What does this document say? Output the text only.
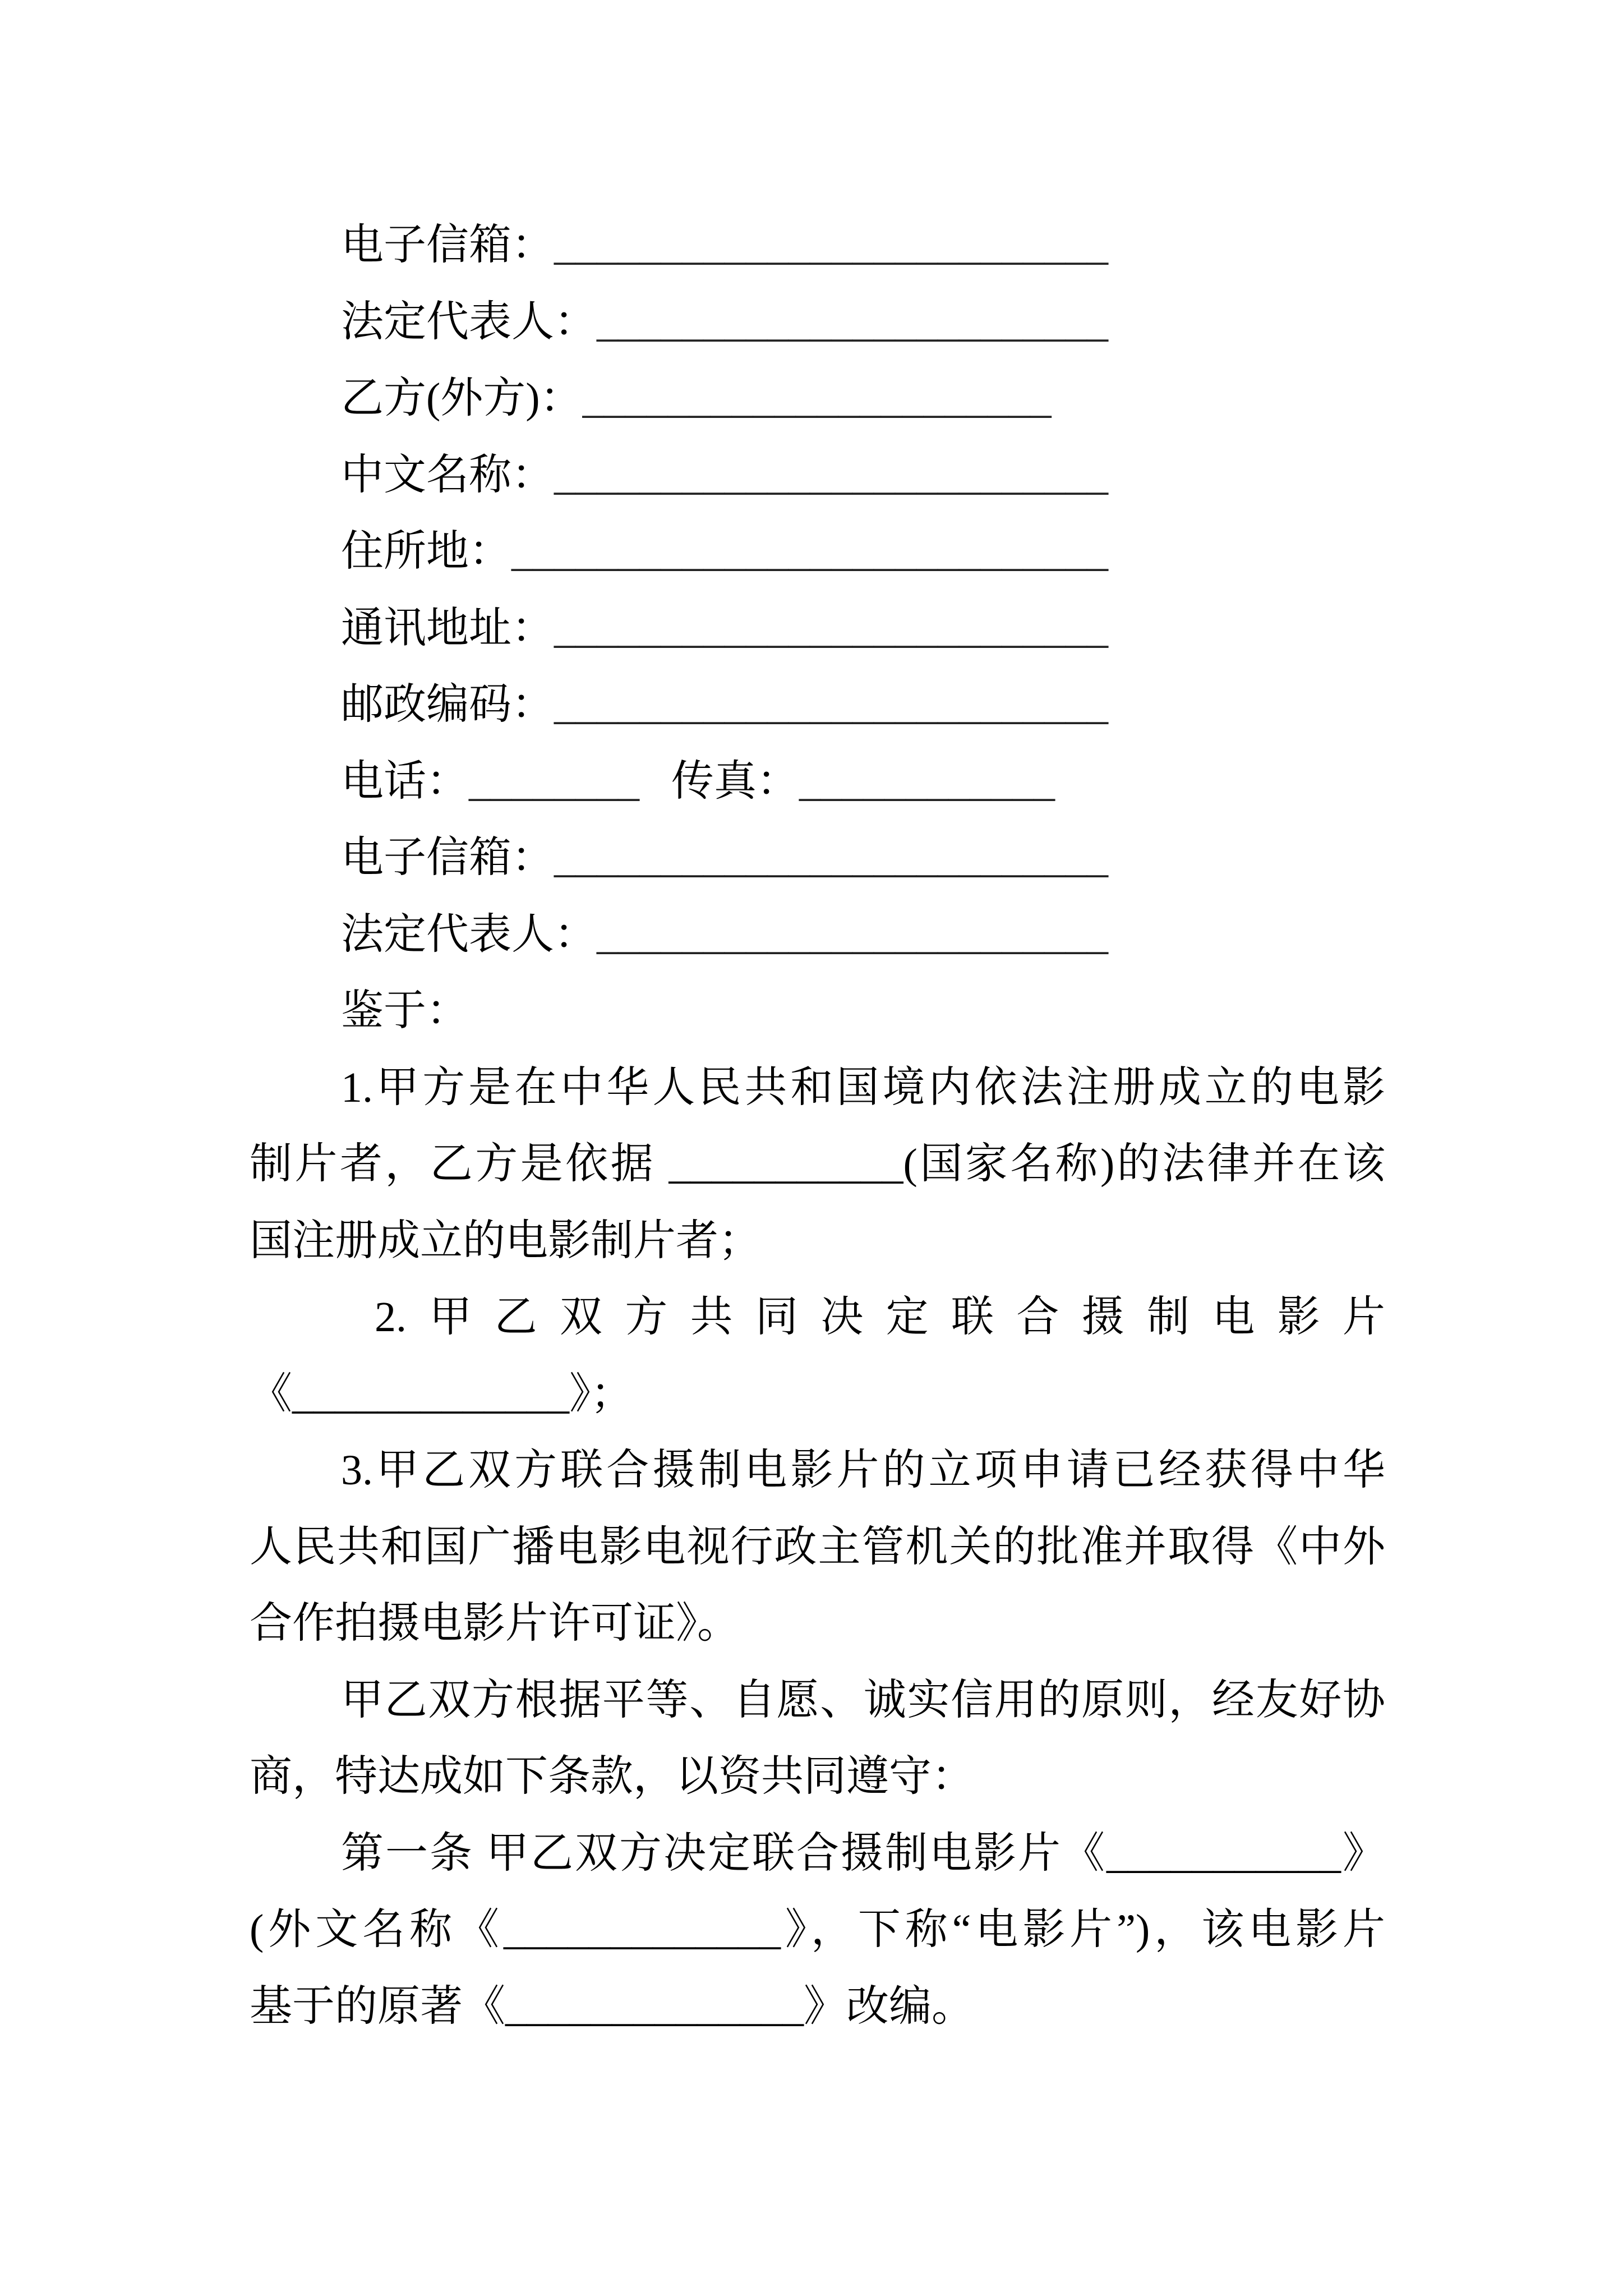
电子信箱：__________________________
法定代表人：________________________
乙方(外方)：______________________
中文名称：__________________________
住所地：____________________________
通讯地址：__________________________
邮政编码：__________________________
电话：________ 传真：____________
电子信箱：__________________________
法定代表人：________________________
鉴于：
1.甲方是在中华人民共和国境内依法注册成立的电影
制片者，乙方是依据 ___________(国家名称)的法律并在该
国注册成立的电影制片者；
2.甲乙双方共同决定联合摄制电影片
《_____________》；
3.甲乙双方联合摄制电影片的立项申请已经获得中华
人民共和国广播电影电视行政主管机关的批准并取得《中外
合作拍摄电影片许可证》。
甲乙双方根据平等、自愿、诚实信用的原则，经友好协
商，特达成如下条款，以资共同遵守：
第一条 甲乙双方决定联合摄制电影片《___________》
(外文名称《_____________》，下称“电影片”)，该电影片
基于的原著《______________》改编。
